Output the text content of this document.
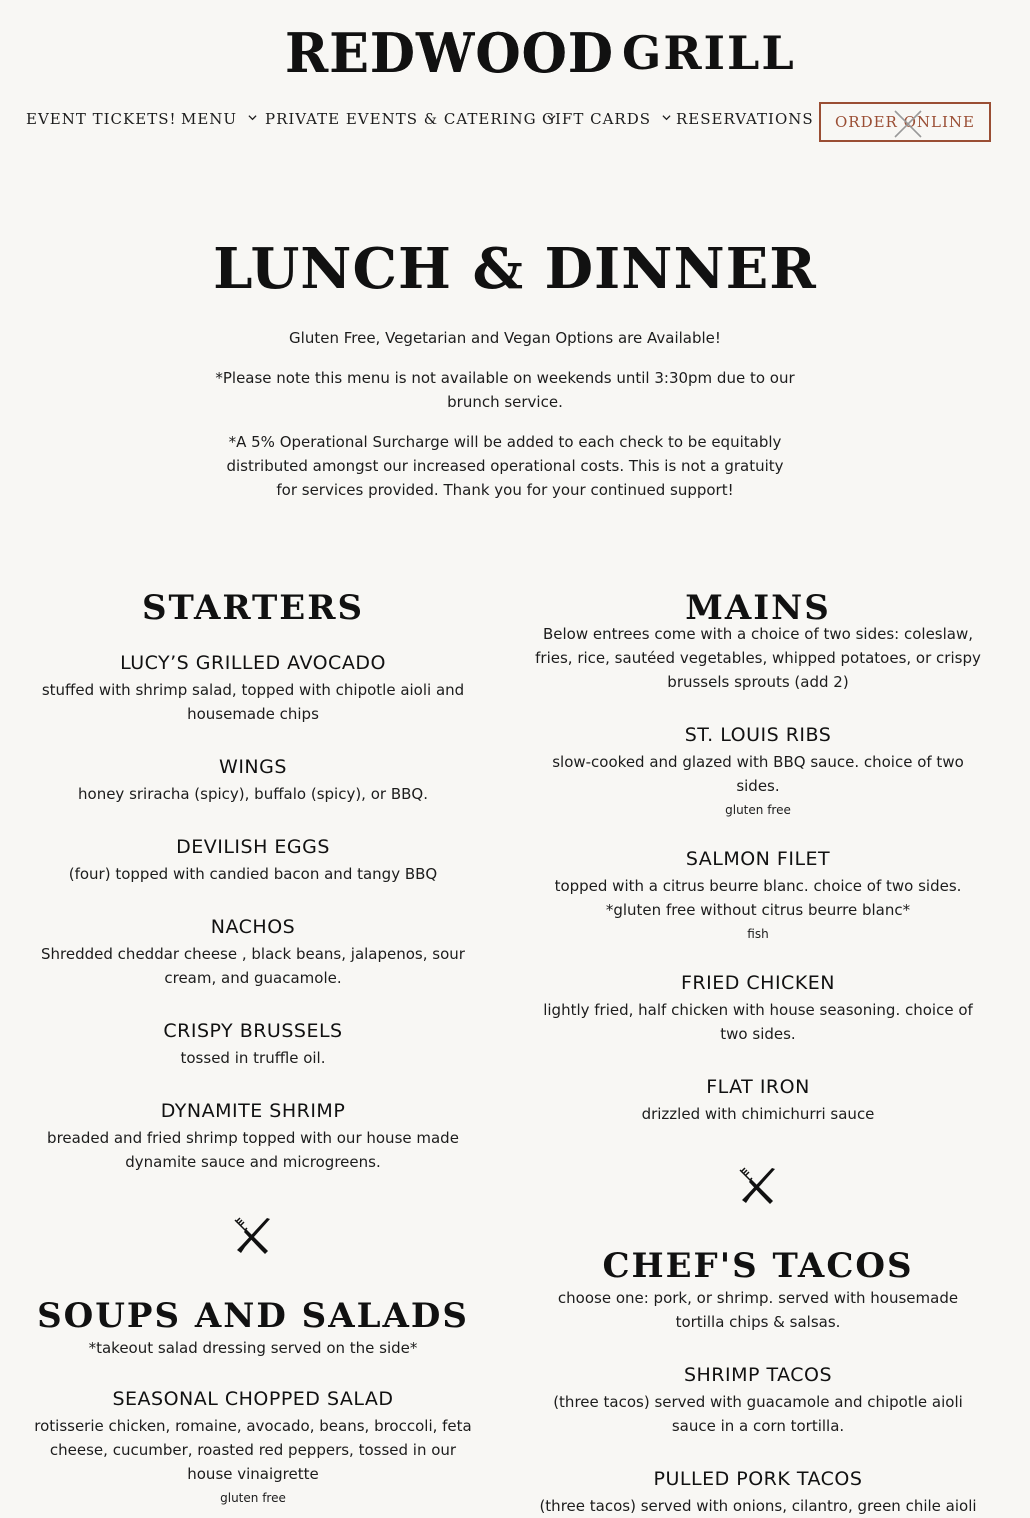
REDWOOD GRILL
EVENT TICKETS! MENU	PRIVATE EVENTS & CATERING GIFT CARDS	RESERVATIONS ORDER ONLINE
LUNCH & DINNER

Gluten Free, Vegetarian and Vegan Options are Available!

*Please note this menu is not available on weekends until 3:30pm due to our brunch service.

*A 5% Operational Surcharge will be added to each check to be equitably distributed amongst our increased operational costs. This is not a gratuity for services provided. Thank you for your continued support!

STARTERS
LUCY’S GRILLED AVOCADO
stuffed with shrimp salad, topped with chipotle aioli and housemade chips
WINGS
honey sriracha (spicy), buffalo (spicy), or BBQ.
DEVILISH EGGS
(four) topped with candied bacon and tangy BBQ
NACHOS
Shredded cheddar cheese , black beans, jalapenos, sour cream, and guacamole.
CRISPY BRUSSELS
tossed in truffle oil.
DYNAMITE SHRIMP
breaded and fried shrimp topped with our house made dynamite sauce and microgreens.
SOUPS AND SALADS

*takeout salad dressing served on the side*

SEASONAL CHOPPED SALAD
rotisserie chicken, romaine, avocado, beans, broccoli, feta cheese, cucumber, roasted red peppers, tossed in our house vinaigrette
gluten free
MAINS

Below entrees come with a choice of two sides: coleslaw, fries, rice, sautéed vegetables, whipped potatoes, or crispy brussels sprouts (add 2)

ST. LOUIS RIBS
slow-cooked and glazed with BBQ sauce. choice of two sides.
gluten free
SALMON FILET
topped with a citrus beurre blanc. choice of two sides. *gluten free without citrus beurre blanc*
fish
FRIED CHICKEN
lightly fried, half chicken with house seasoning. choice of two sides.
FLAT IRON
drizzled with chimichurri sauce
CHEF'S TACOS

choose one: pork, or shrimp. served with housemade tortilla chips & salsas.

SHRIMP TACOS
(three tacos) served with guacamole and chipotle aioli sauce in a corn tortilla.
PULLED PORK TACOS
(three tacos) served with onions, cilantro, green chile aioli
